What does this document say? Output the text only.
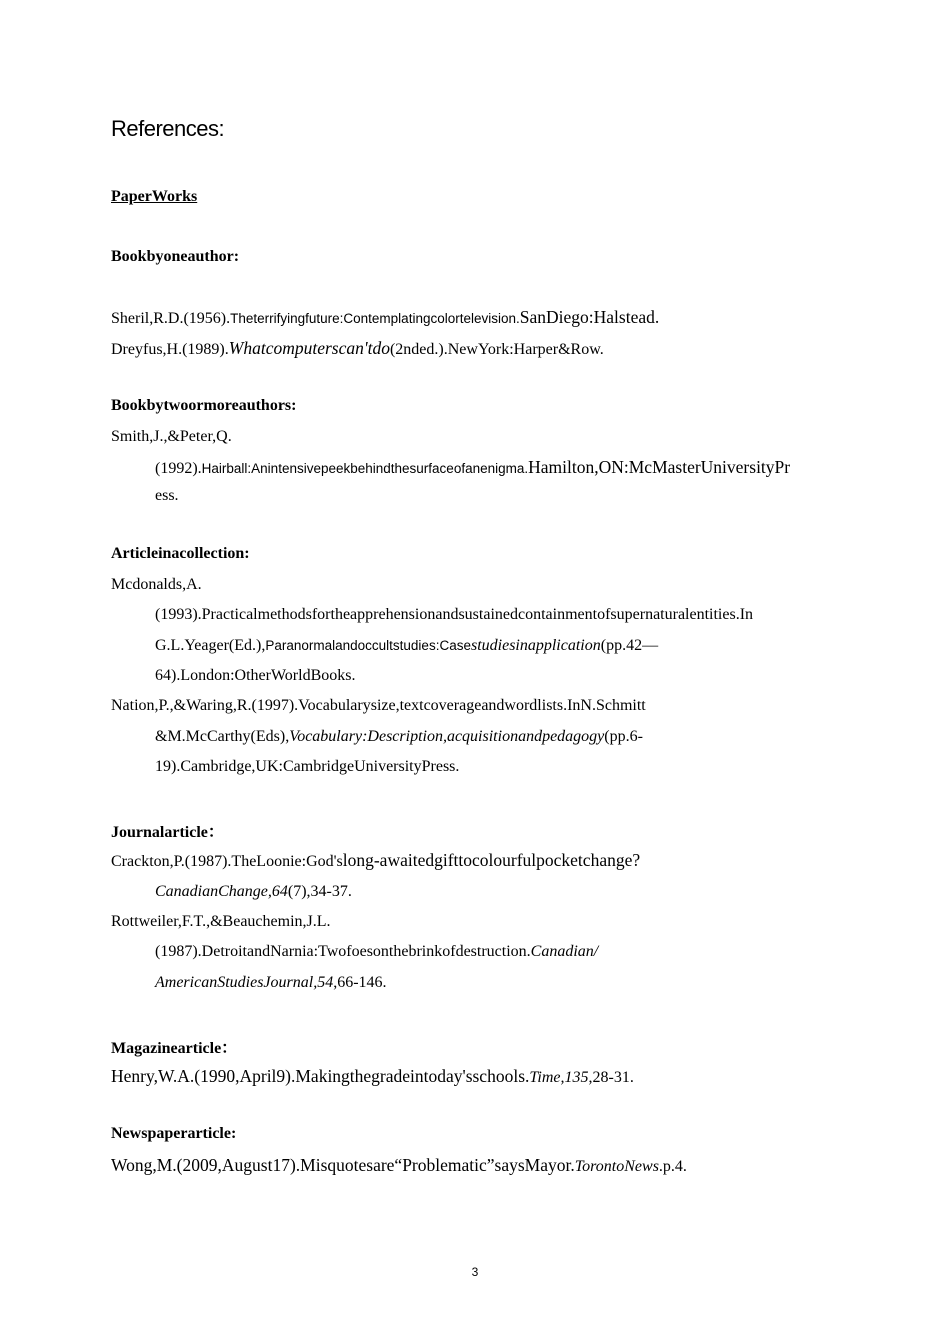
References:
PaperWorks
Bookbyoneauthor:
Sheril,R.D.(1956).Theterrifyingfuture:Contemplatingcolortelevision.SanDiego:Halstead.
Dreyfus,H.(1989).Whatcomputerscan'tdo(2nded.).NewYork:Harper&Row.
Bookbytwoormoreauthors:
Smith,J.,&Peter,Q.
(1992).Hairball:Anintensivepeekbehindthesurfaceofanenigma.Hamilton,ON:McMasterUniversityPr
ess.
Articleinacollection:
Mcdonalds,A.
(1993).Practicalmethodsfortheapprehensionandsustainedcontainmentofsupernaturalentities.In
G.L.Yeager(Ed.),Paranormalandoccultstudies:Casestudiesinapplication(pp.42—
64).London:OtherWorldBooks.
Nation,P.,&Waring,R.(1997).Vocabularysize,textcoverageandwordlists.InN.Schmitt
&M.McCarthy(Eds),Vocabulary:Description,acquisitionandpedagogy(pp.6-
19).Cambridge,UK:CambridgeUniversityPress.
Journalarticle：
Crackton,P.(1987).TheLoonie:God'slong-awaitedgifttocolourfulpocketchange?
CanadianChange,64(7),34-37.
Rottweiler,F.T.,&Beauchemin,J.L.
(1987).DetroitandNarnia:Twofoesonthebrinkofdestruction.Canadian/
AmericanStudiesJournal,54,66-146.
Magazinearticle：
Henry,W.A.(1990,April9).Makingthegradeintoday'sschools.Time,135,28-31.
Newspaperarticle:
Wong,M.(2009,August17).Misquotesare“Problematic”saysMayor.TorontoNews.p.4.
3
